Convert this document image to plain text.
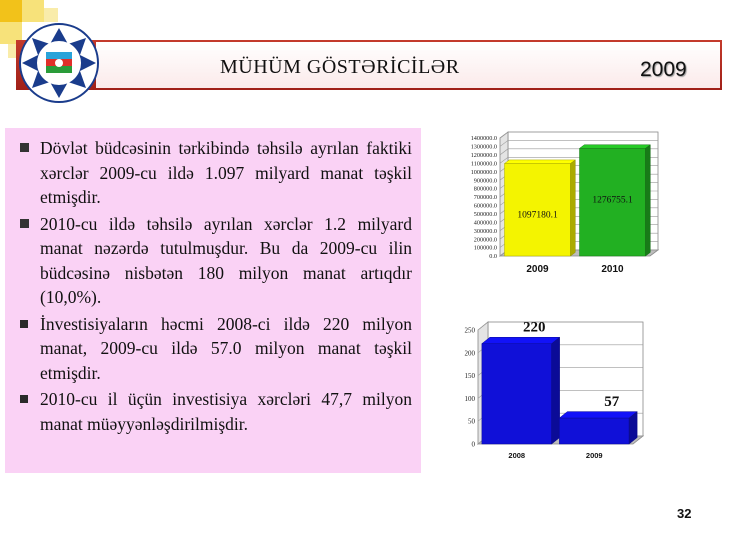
MÜHÜM GÖSTƏRİCİLƏR	2009
Dövlət büdcəsinin tərkibində təhsilə ayrılan faktiki xərclər 2009-cu ildə 1.097 milyard manat təşkil etmişdir.
2010-cu ildə təhsilə ayrılan xərclər 1.2 milyard manat nəzərdə tutulmuşdur. Bu da 2009-cu ilin büdcəsinə nisbətən 180 milyon manat artıqdır (10,0%).
İnvestisiyaların həcmi 2008-ci ildə 220 milyon manat, 2009-cu ildə 57.0 milyon manat təşkil etmişdir.
2010-cu il üçün investisiya xərcləri 47,7 milyon manat müəyyənləşdirilmişdir.
0.0
100000.0
200000.0
300000.0
400000.0
500000.0
600000.0
700000.0
800000.0
900000.0
1000000.0
1100000.0
1200000.0
1300000.0
1400000.0
1097180.1
2009
1276755.1
2010
0
50
100
150
200
250	220
2008
57
2009
32
